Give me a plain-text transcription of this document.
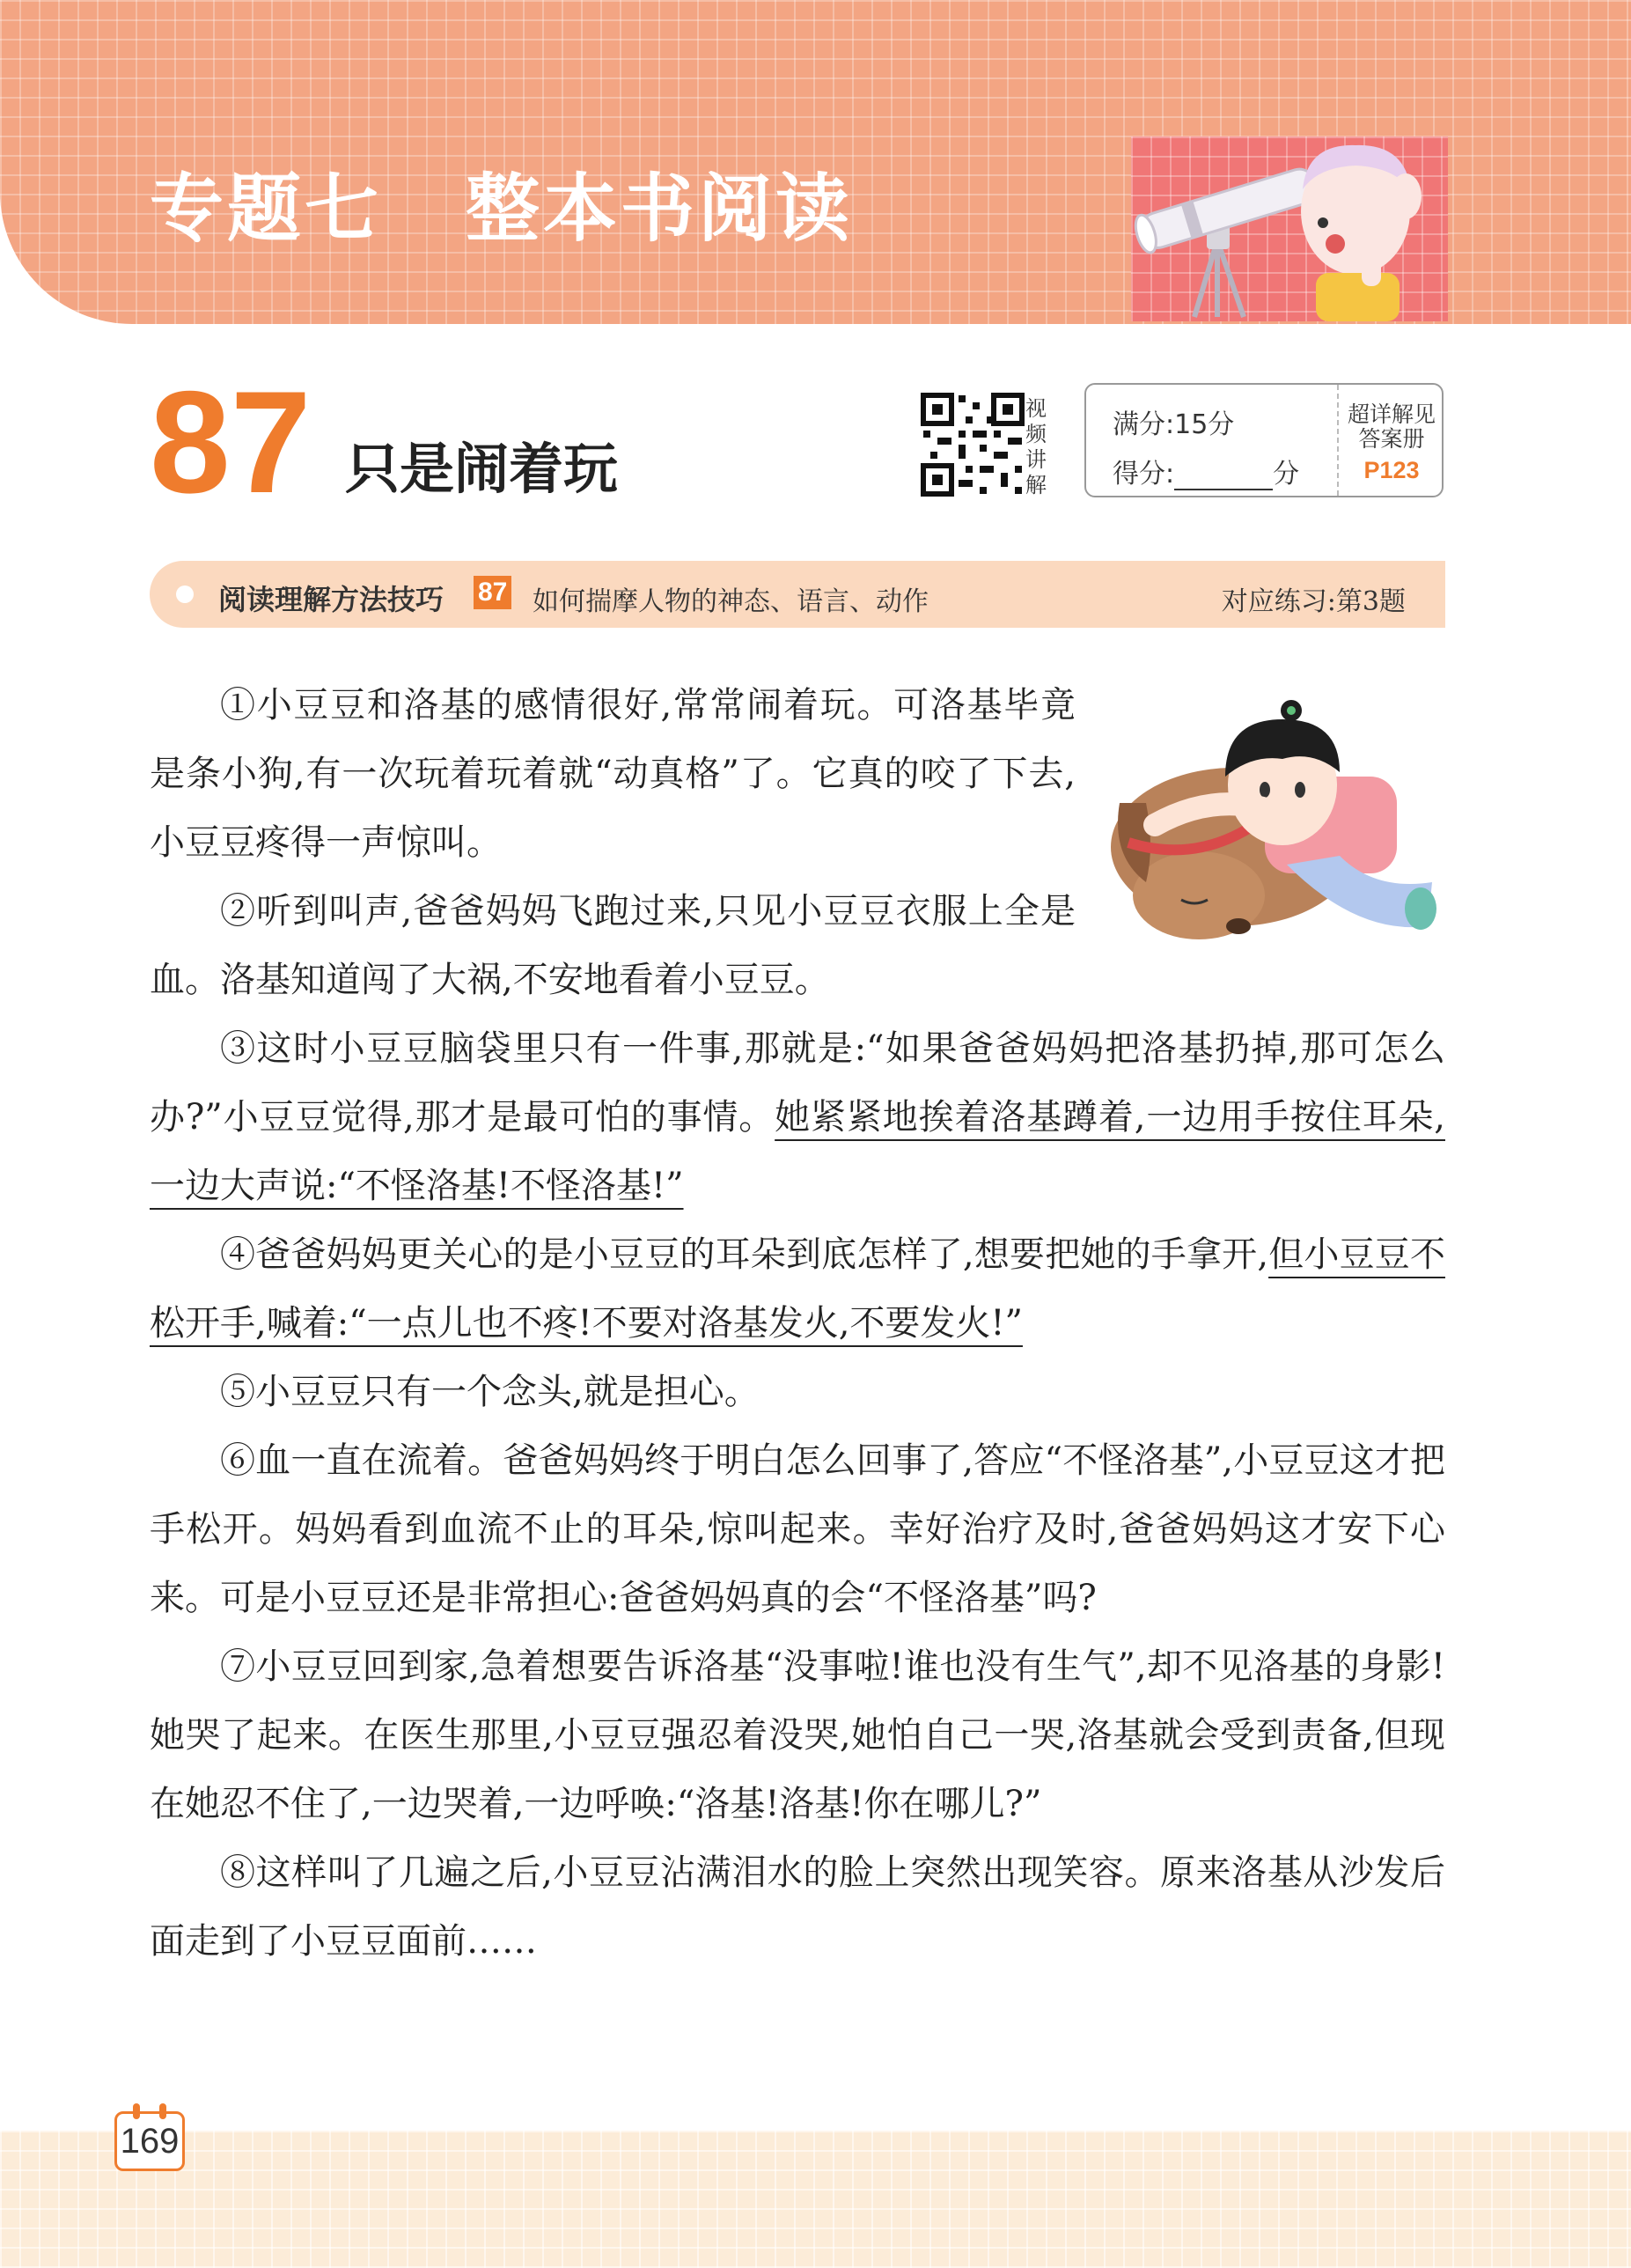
专题七 整本书阅读
87 只是闹着玩
视
频
讲
解
满分:15分
得分:	分
超详解见
答案册
P123
阅读理解方法技巧 87 如何揣摩人物的神态、语言、动作	对应练习:第3题

①小豆豆和洛基的感情很好,常常闹着玩。可洛基毕竟是条小狗,有一次玩着玩着就“动真格”了。它真的咬了下去,小豆豆疼得一声惊叫。

②听到叫声,爸爸妈妈飞跑过来,只见小豆豆衣服上全是血。洛基知道闯了大祸,不安地看着小豆豆。

③这时小豆豆脑袋里只有一件事,那就是:“如果爸爸妈妈把洛基扔掉,那可怎么办?”小豆豆觉得,那才是最可怕的事情。她紧紧地挨着洛基蹲着,一边用手按住耳朵,一边大声说:“不怪洛基!不怪洛基!”

④爸爸妈妈更关心的是小豆豆的耳朵到底怎样了,想要把她的手拿开,但小豆豆不松开手,喊着:“一点儿也不疼!不要对洛基发火,不要发火!”

⑤小豆豆只有一个念头,就是担心。

⑥血一直在流着。爸爸妈妈终于明白怎么回事了,答应“不怪洛基”,小豆豆这才把手松开。妈妈看到血流不止的耳朵,惊叫起来。幸好治疗及时,爸爸妈妈这才安下心来。可是小豆豆还是非常担心:爸爸妈妈真的会“不怪洛基”吗?

⑦小豆豆回到家,急着想要告诉洛基“没事啦!谁也没有生气”,却不见洛基的身影!她哭了起来。在医生那里,小豆豆强忍着没哭,她怕自己一哭,洛基就会受到责备,但现在她忍不住了,一边哭着,一边呼唤:“洛基!洛基!你在哪儿?”

⑧这样叫了几遍之后,小豆豆沾满泪水的脸上突然出现笑容。原来洛基从沙发后面走到了小豆豆面前……

169
